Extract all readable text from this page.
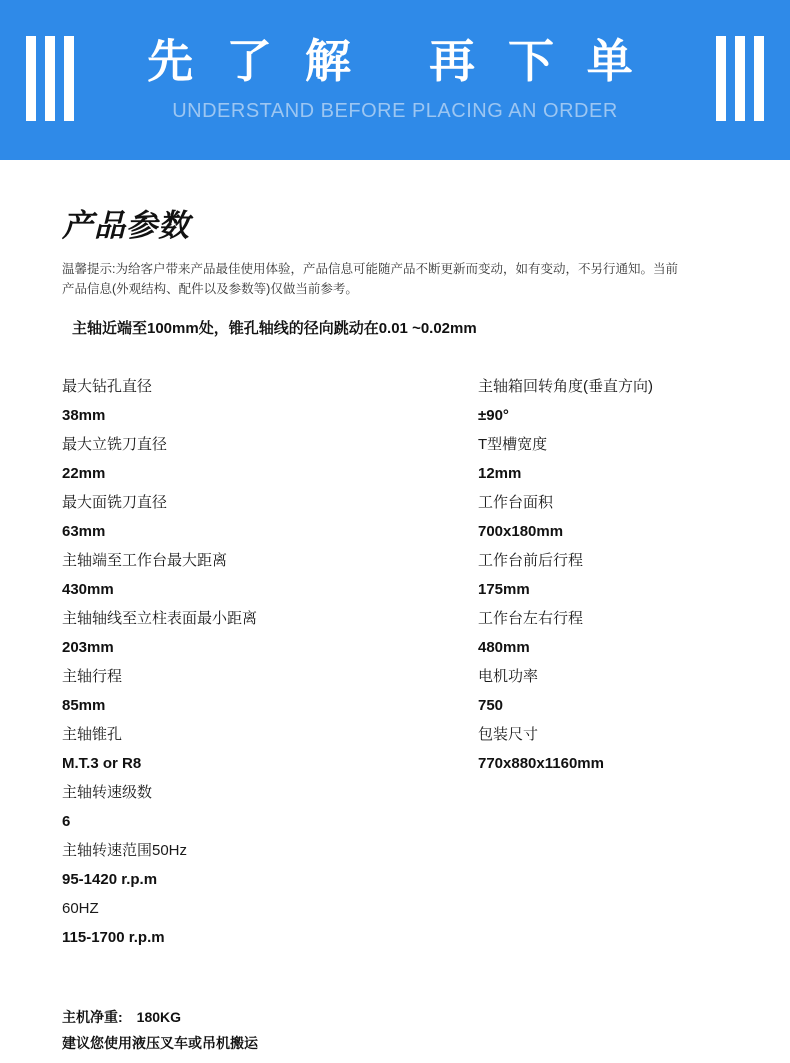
先 了 解   再 下 单
UNDERSTAND BEFORE PLACING AN ORDER
产品参数

温馨提示:为给客户带来产品最佳使用体验，产品信息可能随产品不断更新而变动，如有变动，不另行通知。当前产品信息(外观结构、配件以及参数等)仅做当前参考。

主轴近端至100mm处，锥孔轴线的径向跳动在0.01 ~0.02mm

最大钻孔直径
38mm
最大立铣刀直径
22mm
最大面铣刀直径
63mm
主轴端至工作台最大距离
430mm
主轴轴线至立柱表面最小距离
203mm
主轴行程
85mm
主轴锥孔
M.T.3 or R8
主轴转速级数
6
主轴转速范围50Hz
95-1420 r.p.m
60HZ
115-1700 r.p.m
主轴箱回转角度(垂直方向)
±90°
T型槽宽度
12mm
工作台面积
700x180mm
工作台前后行程
175mm
工作台左右行程
480mm
电机功率
750
包装尺寸
770x880x1160mm
主机净重: 180KG
建议您使用液压叉车或吊机搬运
